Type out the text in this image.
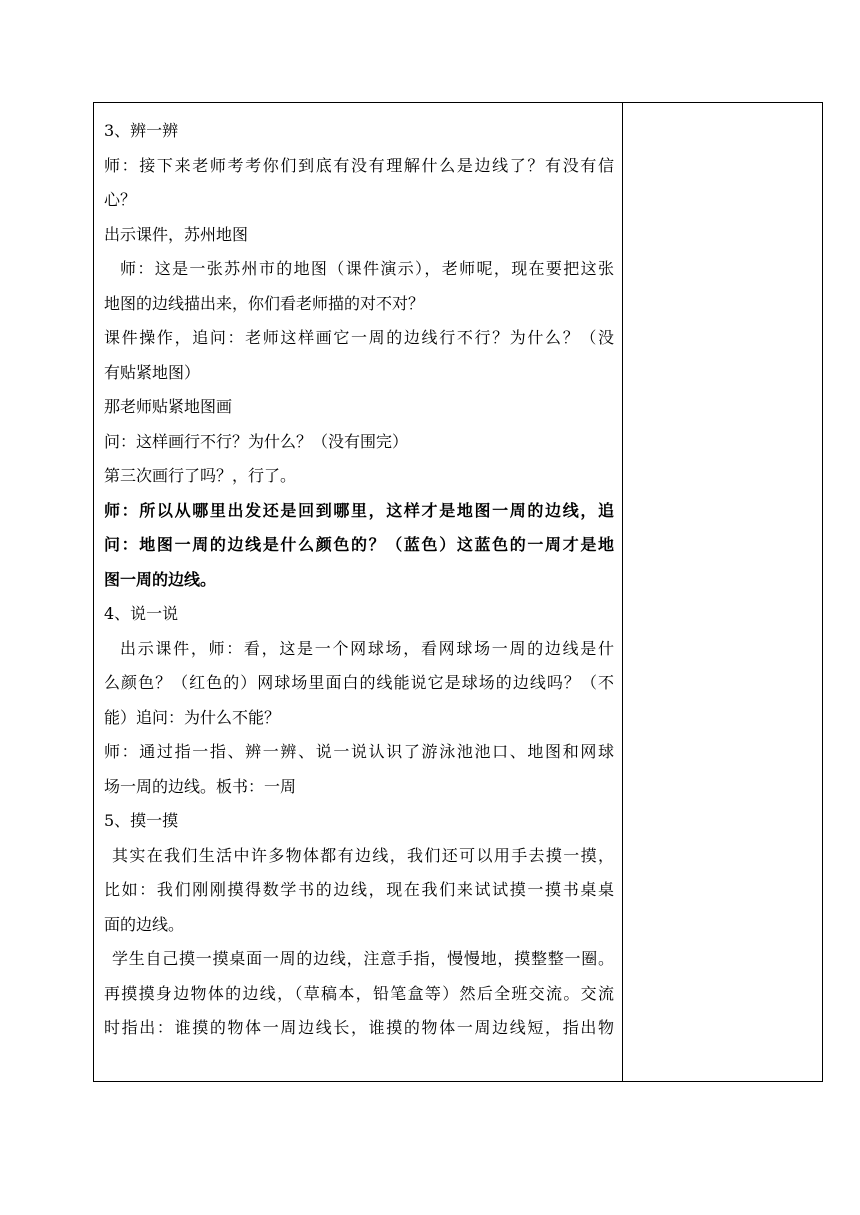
3、辨一辨
师：接下来老师考考你们到底有没有理解什么是边线了？有没有信
心？
出示课件，苏州地图
师：这是一张苏州市的地图（课件演示），老师呢，现在要把这张
地图的边线描出来，你们看老师描的对不对？
课件操作，追问：老师这样画它一周的边线行不行？为什么？（没
有贴紧地图）
那老师贴紧地图画
问：这样画行不行？为什么？（没有围完）
第三次画行了吗？，行了。
师：所以从哪里出发还是回到哪里，这样才是地图一周的边线，追
问：地图一周的边线是什么颜色的？（蓝色）这蓝色的一周才是地
图一周的边线。
4、说一说
出示课件，师：看，这是一个网球场，看网球场一周的边线是什
么颜色？（红色的）网球场里面白的线能说它是球场的边线吗？（不
能）追问：为什么不能？
师：通过指一指、辨一辨、说一说认识了游泳池池口、地图和网球
场一周的边线。板书：一周
5、摸一摸
其实在我们生活中许多物体都有边线，我们还可以用手去摸一摸，
比如：我们刚刚摸得数学书的边线，现在我们来试试摸一摸书桌桌
面的边线。
学生自己摸一摸桌面一周的边线，注意手指，慢慢地，摸整整一圈。
再摸摸身边物体的边线，（草稿本，铅笔盒等）然后全班交流。交流
时指出：谁摸的物体一周边线长，谁摸的物体一周边线短，指出物
